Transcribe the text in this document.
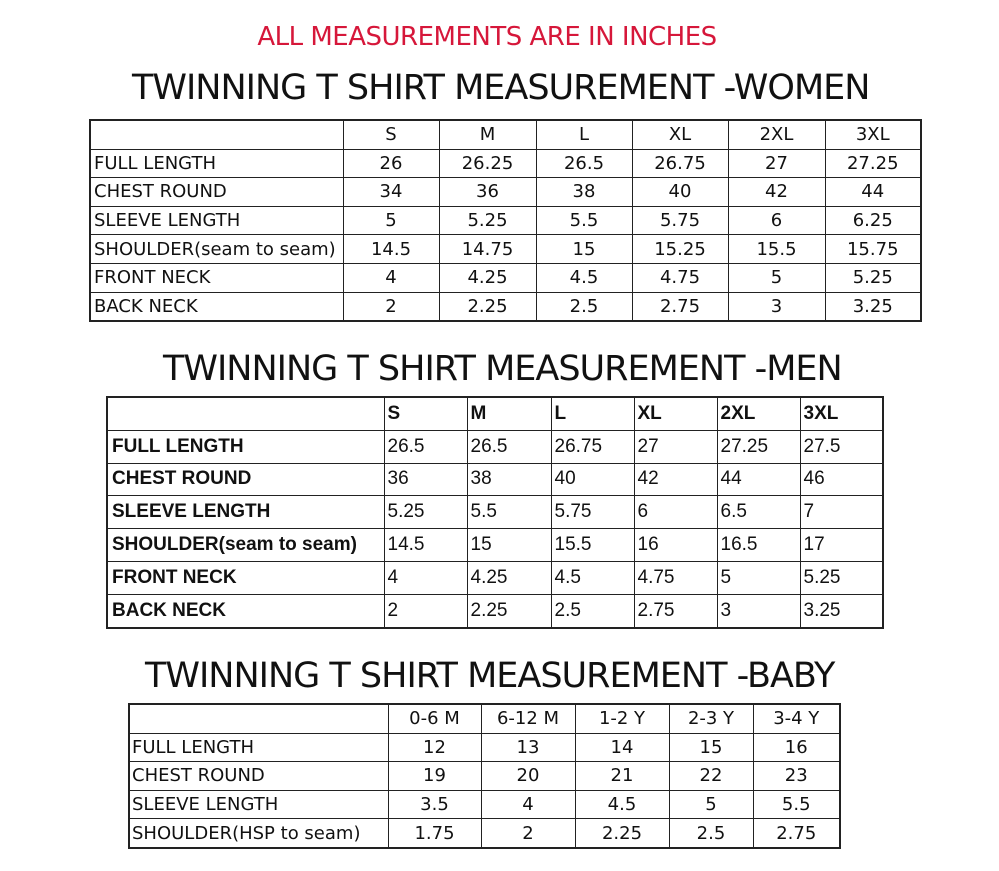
ALL MEASUREMENTS ARE IN INCHES
TWINNING T SHIRT MEASUREMENT -WOMEN
	S	M	L	XL	2XL	3XL
FULL LENGTH	26	26.25	26.5	26.75	27	27.25
CHEST ROUND	34	36	38	40	42	44
SLEEVE LENGTH	5	5.25	5.5	5.75	6	6.25
SHOULDER(seam to seam)	14.5	14.75	15	15.25	15.5	15.75
FRONT NECK	4	4.25	4.5	4.75	5	5.25
BACK NECK	2	2.25	2.5	2.75	3	3.25
TWINNING T SHIRT MEASUREMENT -MEN
	S	M	L	XL	2XL	3XL
FULL LENGTH	26.5	26.5	26.75	27	27.25	27.5
CHEST ROUND	36	38	40	42	44	46
SLEEVE LENGTH	5.25	5.5	5.75	6	6.5	7
SHOULDER(seam to seam)	14.5	15	15.5	16	16.5	17
FRONT NECK	4	4.25	4.5	4.75	5	5.25
BACK NECK	2	2.25	2.5	2.75	3	3.25
TWINNING T SHIRT MEASUREMENT -BABY
	0-6 M	6-12 M	1-2 Y	2-3 Y	3-4 Y
FULL LENGTH	12	13	14	15	16
CHEST ROUND	19	20	21	22	23
SLEEVE LENGTH	3.5	4	4.5	5	5.5
SHOULDER(HSP to seam)	1.75	2	2.25	2.5	2.75
